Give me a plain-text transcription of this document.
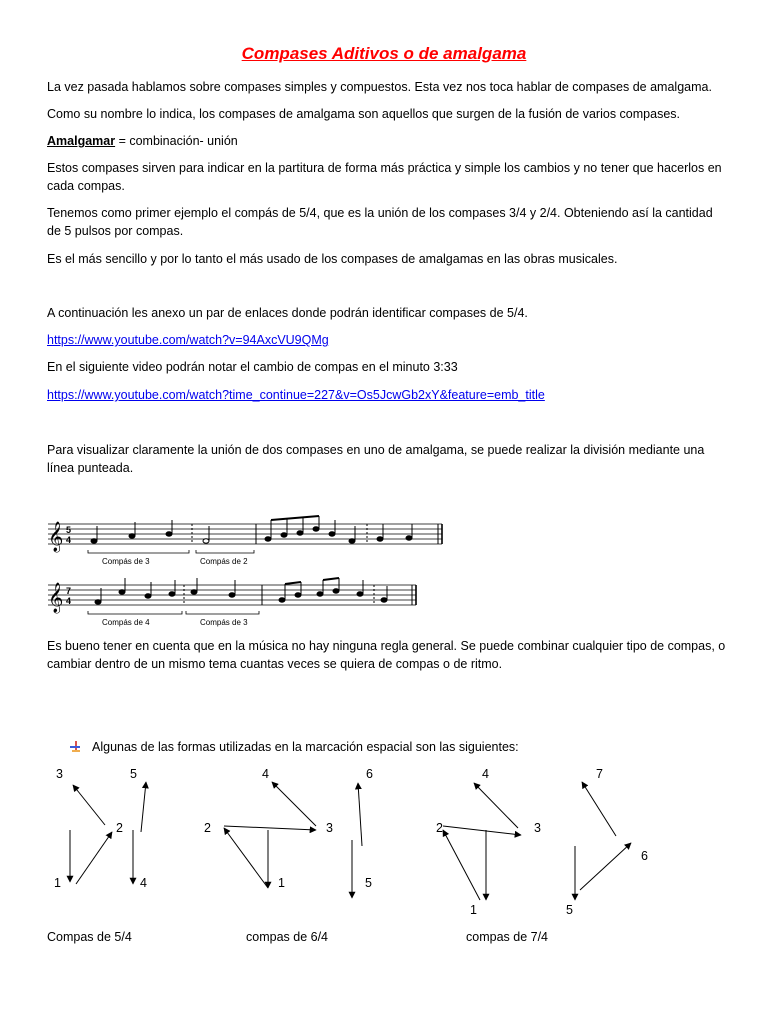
Compases Aditivos o de amalgama

La vez pasada hablamos sobre compases simples y compuestos. Esta vez nos toca hablar de compases de amalgama.

Como su nombre lo indica, los compases de amalgama son aquellos que surgen de la fusión de varios compases.

Amalgamar = combinación- unión

Estos compases sirven para indicar en la partitura de forma más práctica y simple los cambios y no tener que hacerlos en cada compas.

Tenemos como primer ejemplo el compás de 5/4, que es la unión de los compases 3/4 y 2/4. Obteniendo así la cantidad de 5 pulsos por compas.

Es el más sencillo y por lo tanto el más usado de los compases de amalgamas en las obras musicales.

A continuación les anexo un par de enlaces donde podrán identificar compases de 5/4.

https://www.youtube.com/watch?v=94AxcVU9QMg

En el siguiente video podrán notar el cambio de compas en el minuto 3:33

https://www.youtube.com/watch?time_continue=227&v=Os5JcwGb2xY&feature=emb_title

Para visualizar claramente la unión de dos compases en uno de amalgama, se puede realizar la división mediante una línea punteada.

𝄞 5
4
Compás de 3	Compás de 2
𝄞 7
4
Compás de 4	Compás de 3

Es bueno tener en cuenta que en la música no hay ninguna regla general. Se puede combinar cualquier tipo de compas, o cambiar dentro de un mismo tema cuantas veces se quiera de compas o de ritmo.

Algunas de las formas utilizadas en la marcación espacial son las siguientes:
1
2
3
4
5
1
2	3
4
5
6
1
2	3
4
5
6
7
Compas de 5/4	compas de 6/4	compas de 7/4
